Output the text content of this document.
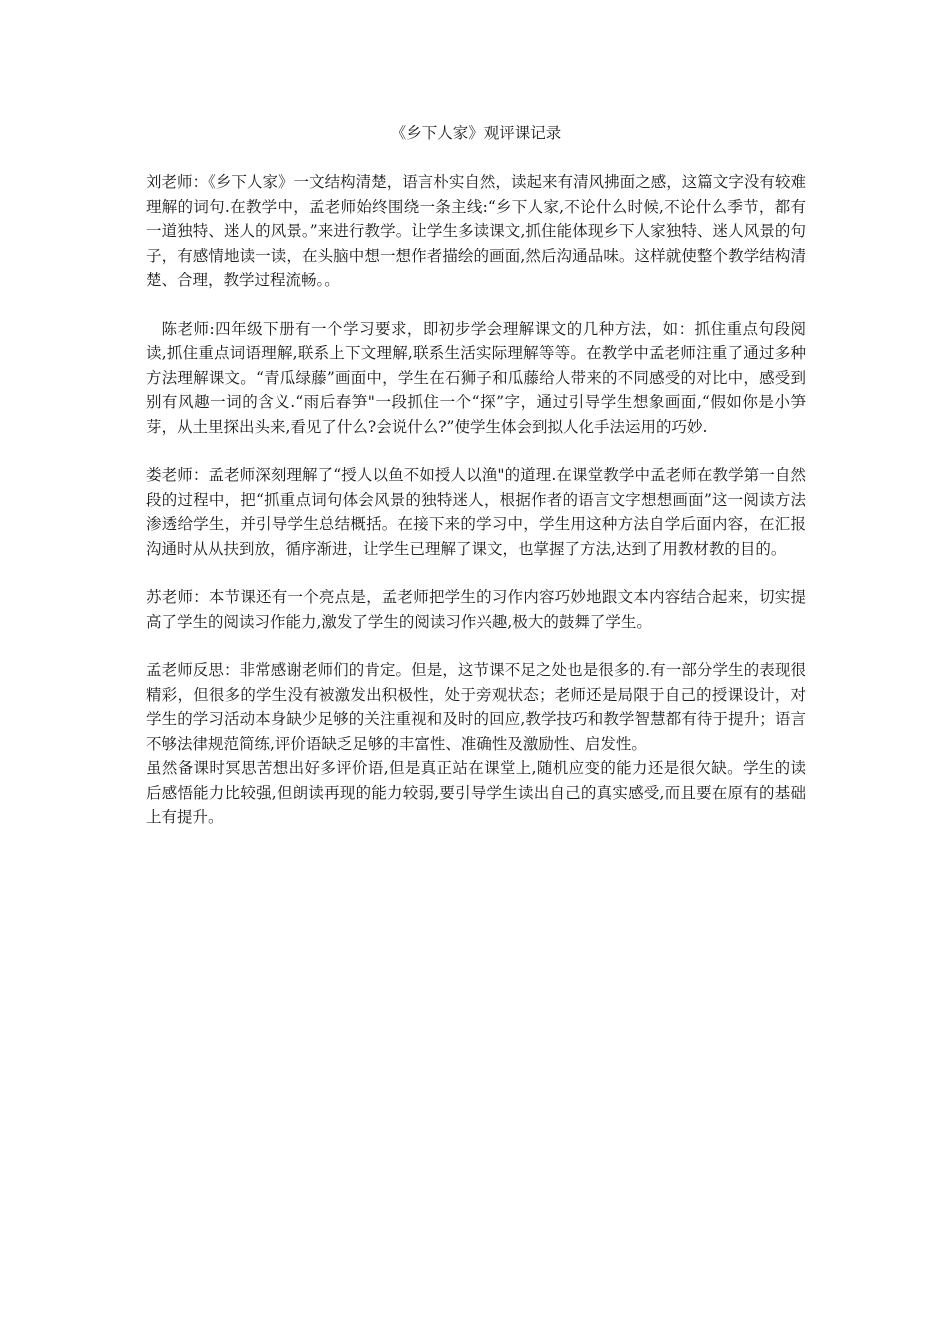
《乡下人家》观评课记录

刘老师：《乡下人家》一文结构清楚，语言朴实自然，读起来有清风拂面之感，这篇文字没有较难理解的词句.在教学中，孟老师始终围绕一条主线:“乡下人家,不论什么时候,不论什么季节，都有一道独特、迷人的风景。”来进行教学。让学生多读课文,抓住能体现乡下人家独特、迷人风景的句子，有感情地读一读，在头脑中想一想作者描绘的画面,然后沟通品味。这样就使整个教学结构清楚、合理，教学过程流畅。。

陈老师:四年级下册有一个学习要求，即初步学会理解课文的几种方法，如：抓住重点句段阅读,抓住重点词语理解,联系上下文理解,联系生活实际理解等等。在教学中孟老师注重了通过多种方法理解课文。“青瓜绿藤”画面中，学生在石狮子和瓜藤给人带来的不同感受的对比中，感受到别有风趣一词的含义.“雨后春笋"一段抓住一个“探”字，通过引导学生想象画面,“假如你是小笋芽，从土里探出头来,看见了什么?会说什么?”使学生体会到拟人化手法运用的巧妙.

娄老师：孟老师深刻理解了“授人以鱼不如授人以渔"的道理.在课堂教学中孟老师在教学第一自然段的过程中，把“抓重点词句体会风景的独特迷人，根据作者的语言文字想想画面”这一阅读方法渗透给学生，并引导学生总结概括。在接下来的学习中，学生用这种方法自学后面内容，在汇报沟通时从从扶到放，循序渐进，让学生已理解了课文，也掌握了方法,达到了用教材教的目的。

苏老师：本节课还有一个亮点是，孟老师把学生的习作内容巧妙地跟文本内容结合起来，切实提高了学生的阅读习作能力,激发了学生的阅读习作兴趣,极大的鼓舞了学生。

孟老师反思：非常感谢老师们的肯定。但是，这节课不足之处也是很多的.有一部分学生的表现很精彩，但很多的学生没有被激发出积极性，处于旁观状态；老师还是局限于自己的授课设计，对学生的学习活动本身缺少足够的关注重视和及时的回应,教学技巧和教学智慧都有待于提升；语言不够法律规范简练,评价语缺乏足够的丰富性、准确性及激励性、启发性。

虽然备课时冥思苦想出好多评价语,但是真正站在课堂上,随机应变的能力还是很欠缺。学生的读后感悟能力比较强,但朗读再现的能力较弱,要引导学生读出自己的真实感受,而且要在原有的基础上有提升。
